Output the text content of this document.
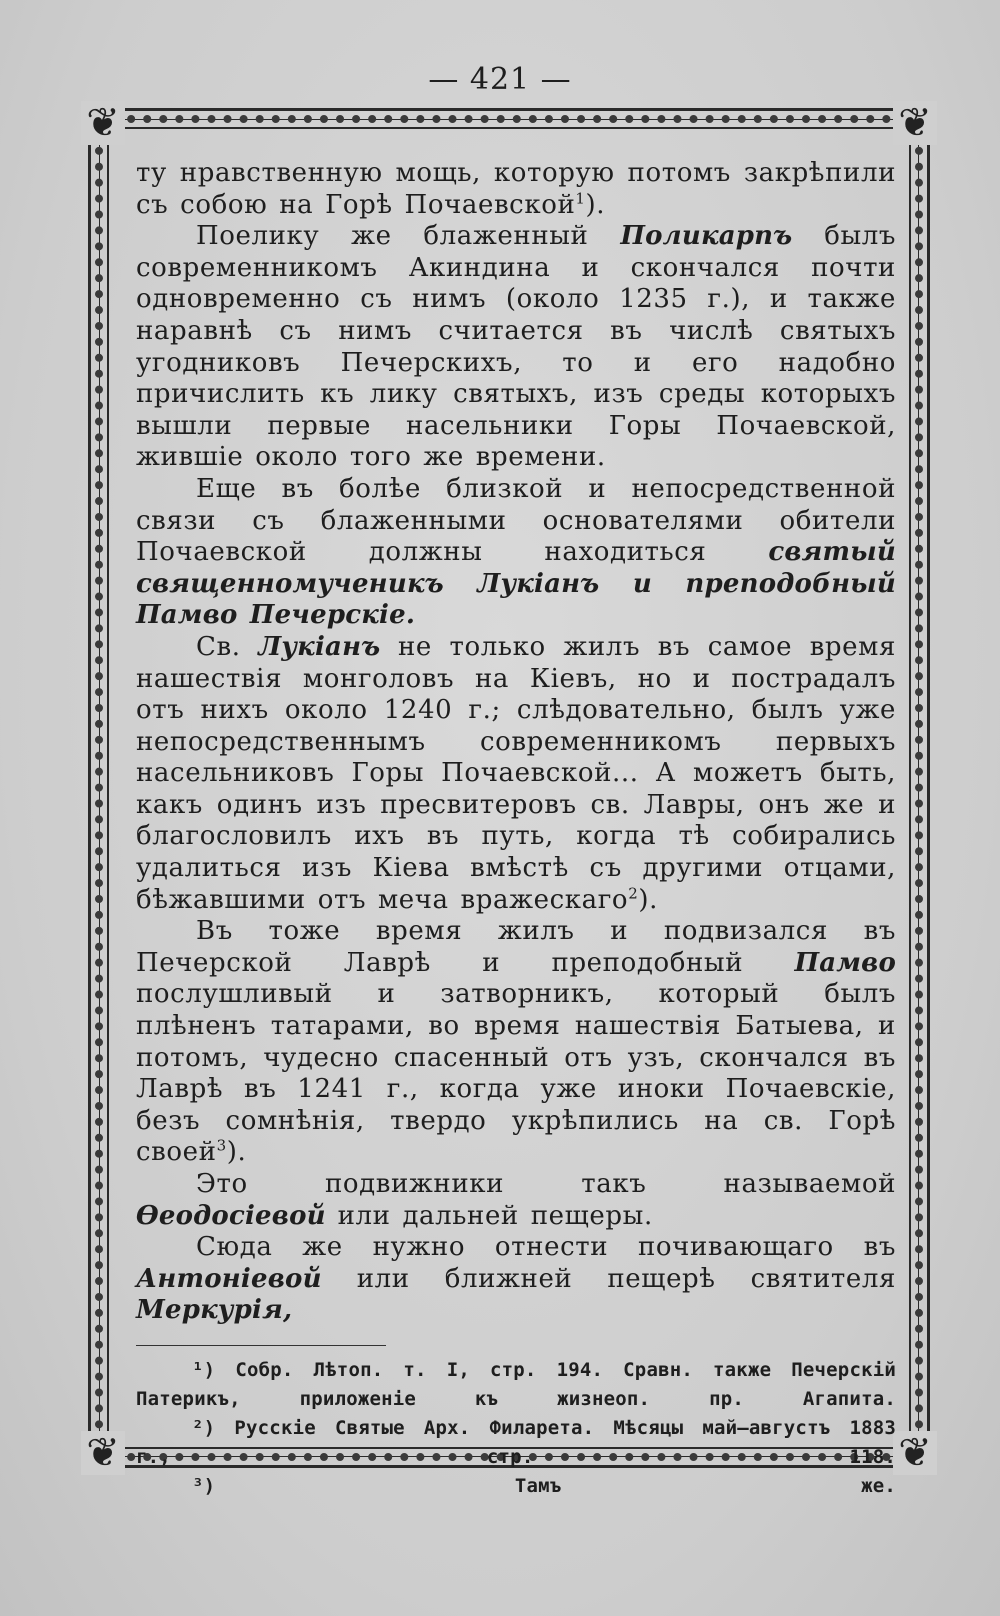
— 421 —
❦	❦
❦	❦

ту нравственную мощь, которую потомъ закрѣпили

съ собою на Горѣ Почаевской$^1$).

Поелику же блаженный Поликарпъ былъ современникомъ Акиндина и скончался почти одновременно съ нимъ (около 1235 г.), и также наравнѣ съ нимъ считается въ числѣ святыхъ угодниковъ Печерскихъ, то и его надобно причислить къ лику святыхъ, изъ среды которыхъ вышли первые насельники Горы Почаевской, жившіе около того же времени.

Еще въ болѣе близкой и непосредственной связи съ блаженными основателями обители Почаевской должны находиться святый священномученикъ Лукіанъ и преподобный Памво Печерскіе.

Св. Лукіанъ не только жилъ въ самое время нашествія монголовъ на Кіевъ, но и пострадалъ отъ нихъ около 1240 г.; слѣдовательно, былъ уже непосредственнымъ современникомъ первыхъ насельниковъ Горы Почаевской... А можетъ быть, какъ одинъ изъ пресвитеровъ св. Лавры, онъ же и благословилъ ихъ въ путь, когда тѣ собирались удалиться изъ Кіева вмѣстѣ съ другими отцами, бѣжавшими отъ меча вражескаго$^2$).

Въ тоже время жилъ и подвизался въ Печерской Лаврѣ и преподобный Памво послушливый и затворникъ, который былъ плѣненъ татарами, во время нашествія Батыева, и потомъ, чудесно спасенный отъ узъ, скончался въ Лаврѣ въ 1241 г., когда уже иноки Почаевскіе, безъ сомнѣнія, твердо укрѣпились на св. Горѣ своей$^3$).

Это подвижники такъ называемой Ѳеодосіевой или дальней пещеры.

Сюда же нужно отнести почивающаго въ Антоніевой или ближней пещерѣ святителя Меркурія,

¹) Собр. Лѣтоп. т. I, стр. 194. Сравн. также Печерскій Патерикъ, приложеніе къ жизнеоп. пр. Агапита.

²) Русскіе Святые Арх. Филарета. Мѣсяцы май—августъ 1883 г., стр. 118.

³)	Тамъ же.
